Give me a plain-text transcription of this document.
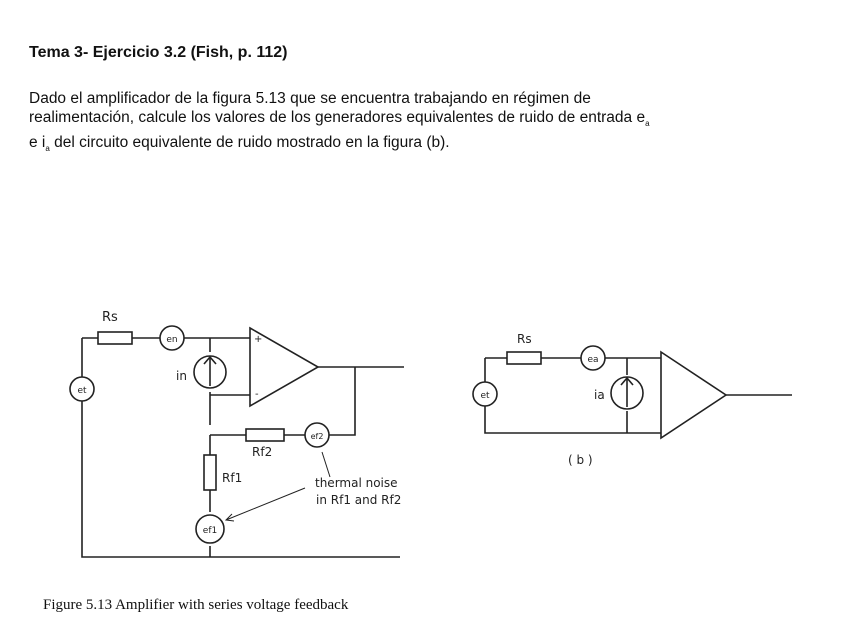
Tema 3- Ejercicio 3.2 (Fish, p. 112)

Dado el amplificador de la figura 5.13 que se encuentra trabajando en régimen de
realimentación, calcule los valores de los generadores equivalentes de ruido de entrada $e_a$
e $i_a$ del circuito equivalente de ruido mostrado en la figura (b).

Rs
en
in
et
+
-
Rf2
ef2
Rf1
ef1
thermal noise
in Rf1 and Rf2
Rs
ea
ia
et
( b )

Figure 5.13 Amplifier with series voltage feedback
